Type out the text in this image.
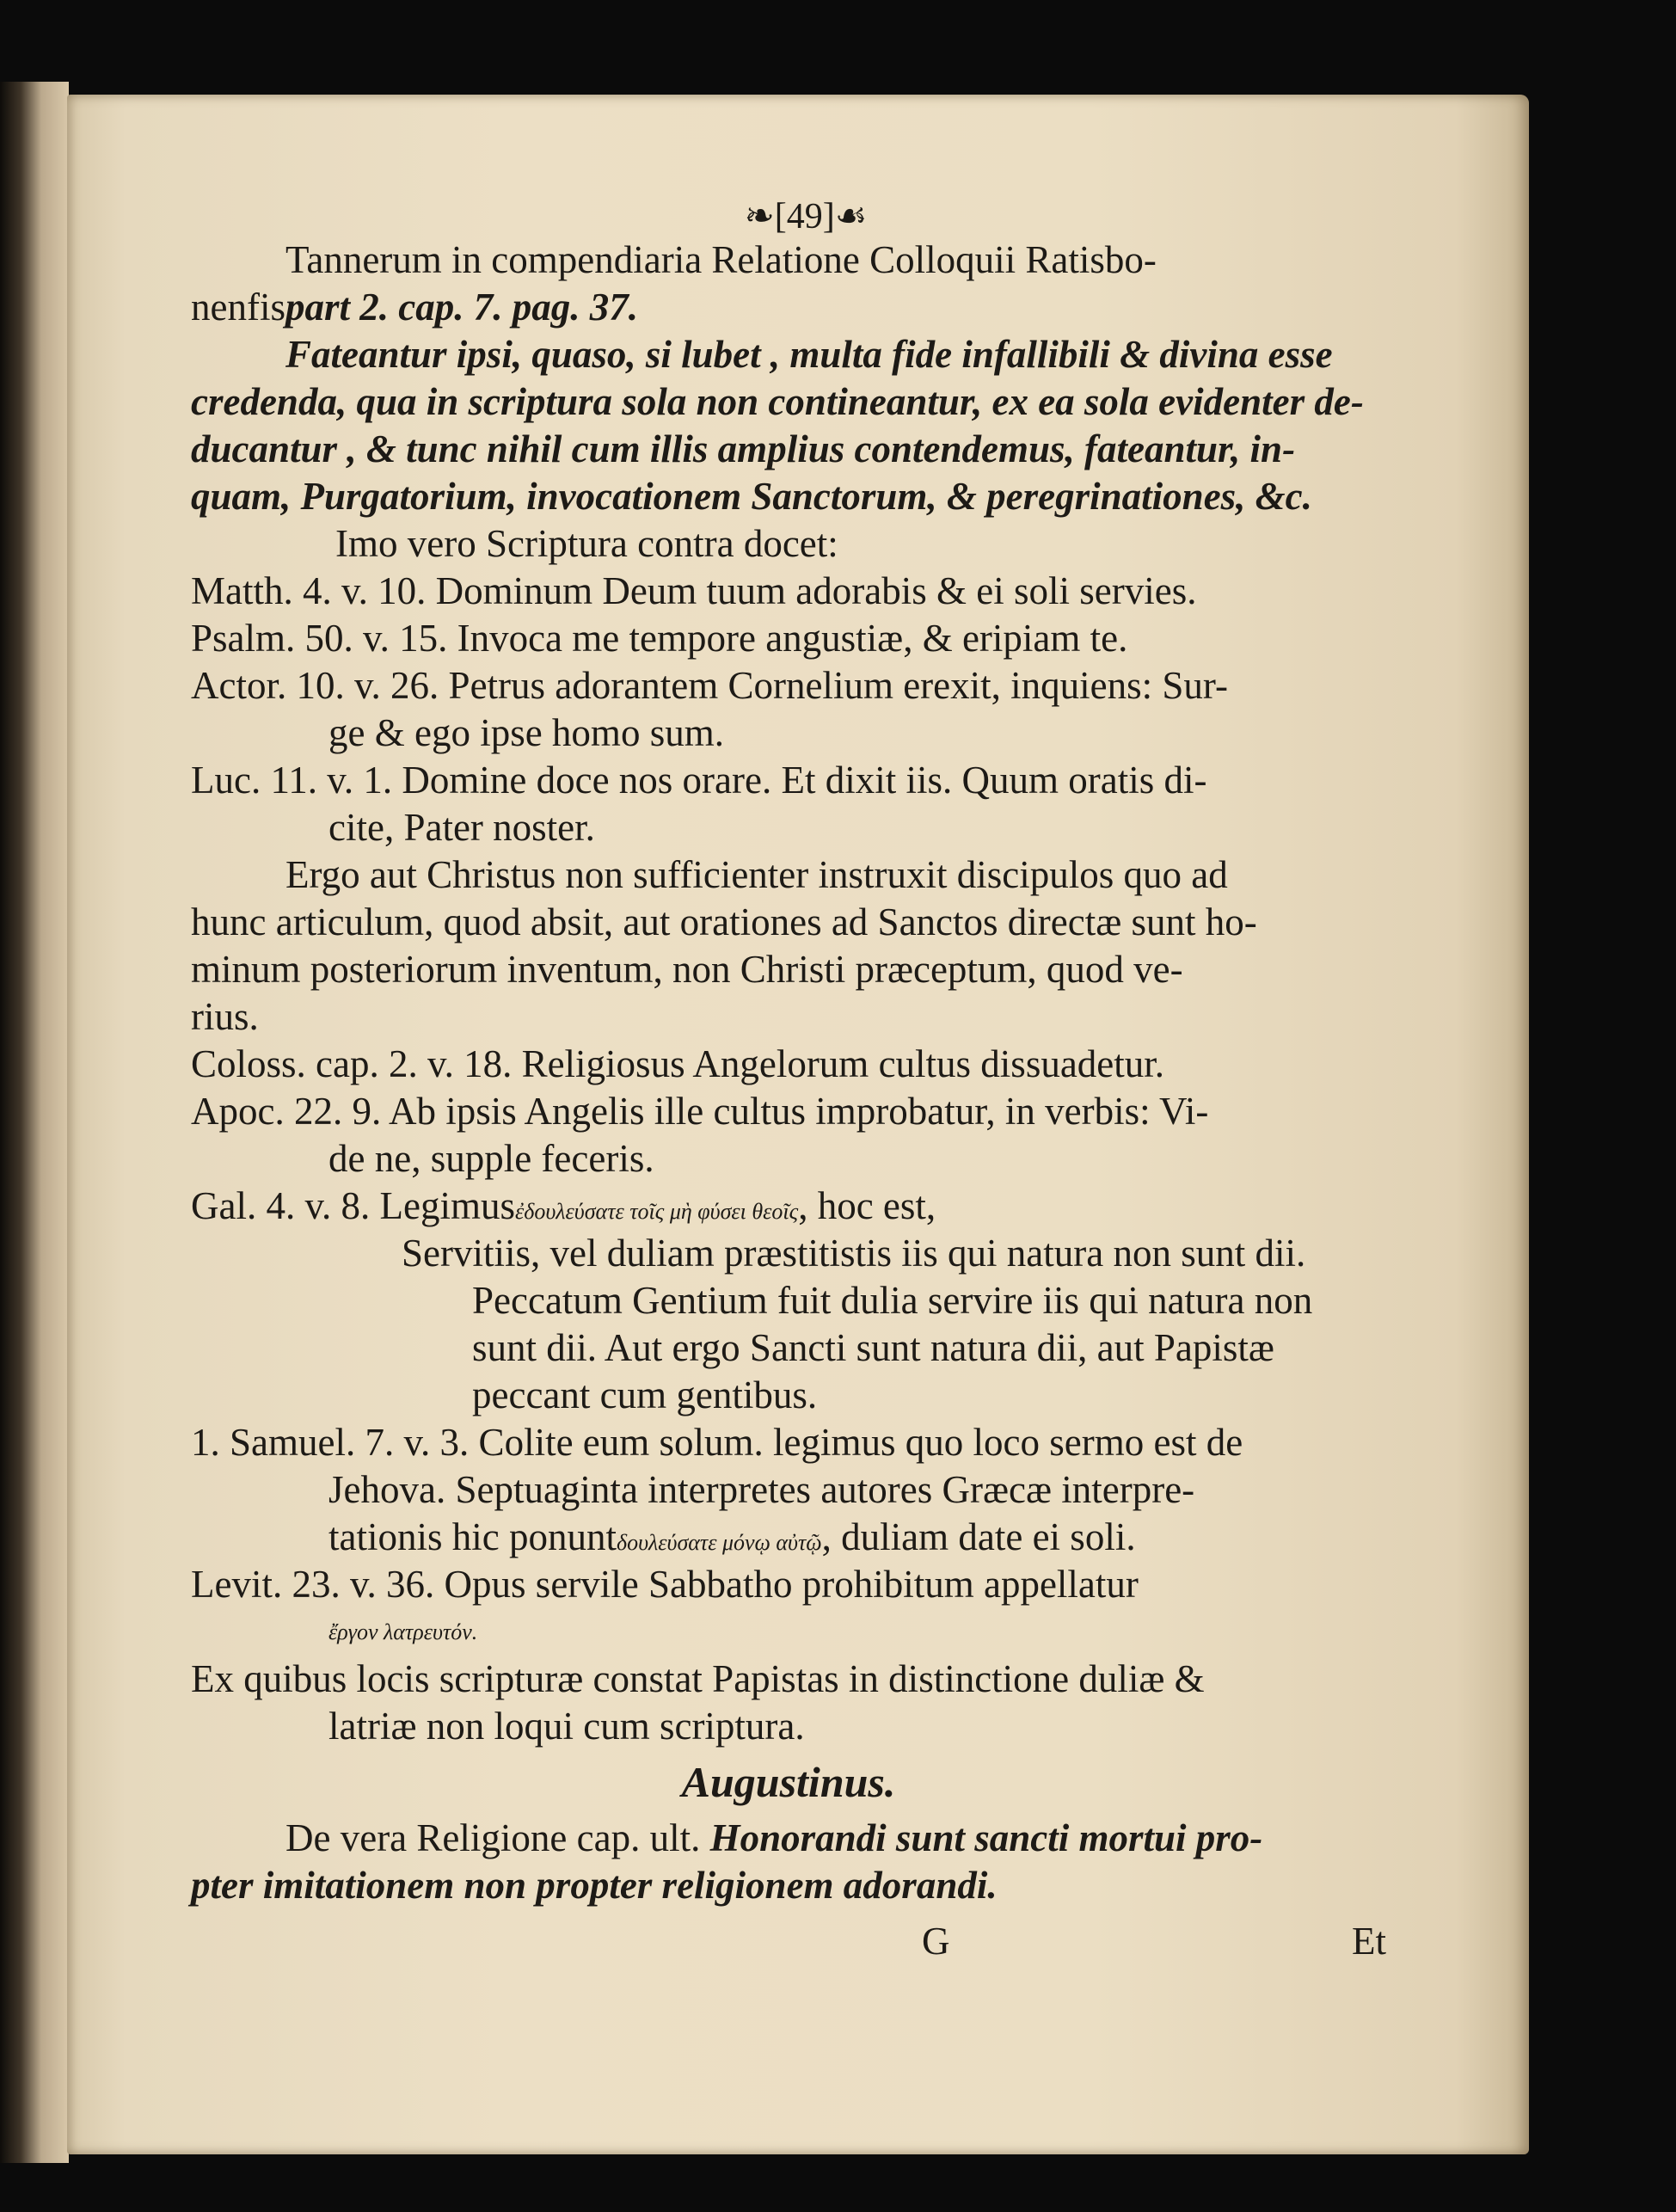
❧[49]☙
Tannerum in compendiaria Relatione Colloquii Ratisbo-
nenfispart 2. cap. 7. pag. 37.
Fateantur ipsi, quaso, si lubet , multa fide infallibili & divina esse
credenda, qua in scriptura sola non contineantur, ex ea sola evidenter de-
ducantur , & tunc nihil cum illis amplius contendemus, fateantur, in-
quam, Purgatorium, invocationem Sanctorum, & peregrinationes, &c.
Imo vero Scriptura contra docet:
Matth. 4. v. 10. Dominum Deum tuum adorabis & ei soli servies.
Psalm. 50. v. 15. Invoca me tempore angustiæ, & eripiam te.
Actor. 10. v. 26. Petrus adorantem Cornelium erexit, inquiens: Sur-
ge & ego ipse homo sum.
Luc. 11. v. 1. Domine doce nos orare. Et dixit iis. Quum oratis di-
cite, Pater noster.
Ergo aut Christus non sufficienter instruxit discipulos quo ad
hunc articulum, quod absit, aut orationes ad Sanctos directæ sunt ho-
minum posteriorum inventum, non Christi præceptum, quod ve-
rius.
Coloss. cap. 2. v. 18. Religiosus Angelorum cultus dissuadetur.
Apoc. 22. 9. Ab ipsis Angelis ille cultus improbatur, in verbis: Vi-
de ne, supple feceris.
Gal. 4. v. 8. Legimusἐδουλεύσατε τοῖς μὴ φύσει θεοῖς, hoc est,
Servitiis, vel duliam præstitistis iis qui natura non sunt dii.
Peccatum Gentium fuit dulia servire iis qui natura non
sunt dii. Aut ergo Sancti sunt natura dii, aut Papistæ
peccant cum gentibus.
1. Samuel. 7. v. 3. Colite eum solum. legimus quo loco sermo est de
Jehova. Septuaginta interpretes autores Græcæ interpre-
tationis hic ponuntδουλεύσατε μόνῳ αὐτῷ, duliam date ei soli.
Levit. 23. v. 36. Opus servile Sabbatho prohibitum appellatur
ἔργον λατρευτόν.
Ex quibus locis scripturæ constat Papistas in distinctione duliæ &
latriæ non loqui cum scriptura.
Augustinus.
De vera Religione cap. ult. Honorandi sunt sancti mortui pro-
pter imitationem non propter religionem adorandi.
G	Et
